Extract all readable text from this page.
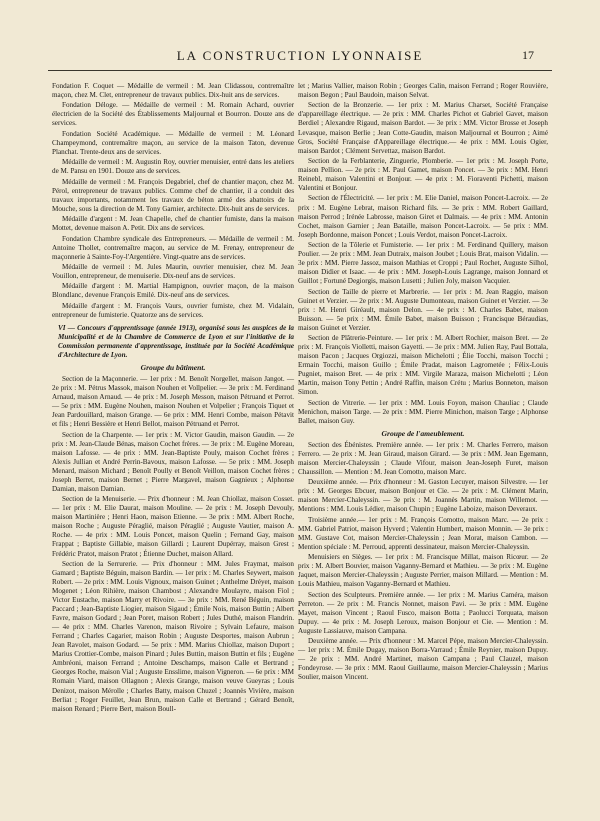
LA CONSTRUCTION LYONNAISE	17

Fondation F. Coquet — Médaille de vermeil : M. Jean Clidassou, contremaître maçon, chez M. Clet, entrepreneur de travaux publics. Dix-huit ans de services.

Fondation Déloge. — Médaille de vermeil : M. Romain Achard, ouvrier électricien de la Société des Établissements Maljournal et Bourron. Douze ans de services.

Fondation Société Académique. — Médaille de vermeil : M. Léonard Champeymond, contremaître maçon, au service de la maison Taton, devenue Planchat. Trente-deux ans de services.

Médaille de vermeil : M. Augustin Roy, ouvrier menuisier, entré dans les ateliers de M. Pansu en 1901. Douze ans de services.

Médaille de vermeil : M. François Degabriel, chef de chantier maçon, chez M. Pérol, entrepreneur de travaux publics. Comme chef de chantier, il a conduit des travaux importants, notamment les travaux de béton armé des abattoirs de la Mouche, sous la direction de M. Tony Garnier, architecte. Dix-huit ans de services.

Médaille d'argent : M. Jean Chapelle, chef de chantier fumiste, dans la maison Mottet, devenue maison A. Petit. Dix ans de services.

Fondation Chambre syndicale des Entrepreneurs. — Médaille de vermeil : M. Antoine Thollet, contremaître maçon, au service de M. Frenay, entrepreneur de maçonnerie à Sainte-Foy-l'Argentière. Vingt-quatre ans de services.

Médaille de vermeil : M. Jules Maurin, ouvrier menuisier, chez M. Jean Vouillon, entrepreneur, de menuiserie. Dix-neuf ans de services.

Médaille d'argent : M. Martial Hampignon, ouvrier maçon, de la maison Blondlanc, devenue François Emilé. Dix-neuf ans de services.

Médaille d'argent : M. François Vaurs, ouvrier fumiste, chez M. Vidalain, entrepreneur de fumisterie. Quatorze ans de services.

VI — Concours d'apprentissage (année 1913), organisé sous les auspices de la Municipalité et de la Chambre de Commerce de Lyon et sur l'initiative de la Commission permanente d'apprentissage, instituée par la Société Académique d'Architecture de Lyon.

Groupe du bâtiment.

Section de la Maçonnerie. — 1er prix : M. Benoît Norgellet, maison Jangot. — 2e prix : M. Pétrus Massok, maison Nouhen et Vollpelier. — 3e prix : M. Ferdinand Arnaud, maison Arnaud. — 4e prix : M. Joseph Messon, maison Pétruand et Perrot. — 5e prix : MM. Eugène Nouhen, maison Nouhen et Volpelier ; François Tiquet et Jean Pardouillard, maison Grange. — 6e prix : MM. Henri Combe, maison Pétavit et fils ; Henri Bessière et Henri Bellot, maison Pétruand et Perrot.

Section de la Charpente. — 1er prix : M. Victor Gaudin, maison Gaudin. — 2e prix : M. Jean-Claude Bénas, maison Cochet frères. — 3e prix : M. Eugène Moreau, maison Lafosse. — 4e prix : MM. Jean-Baptiste Pouly, maison Cochet frères ; Alexis Jullian et André Perrin-Bavoux, maison Lafosse. — 5e prix : MM. Joseph Menard, maison Michard ; Benoît Poully et Benoît Veillon, maison Cochet frères ; Joseph Berret, maison Bernet ; Pierre Margavel, maison Gagnieux ; Alphonse Damian, maison Damian.

Section de la Menuiserie. — Prix d'honneur : M. Jean Chiollaz, maison Cosset. — 1er prix : M. Elie Daurat, maison Mouline. — 2e prix : M. Joseph Devouly, maison Martinière ; Henri Haon, maison Etienne. — 3e prix : MM. Albert Roche, maison Roche ; Auguste Péraglié, maison Péraglié ; Auguste Vautier, maison A. Roche. — 4e prix : MM. Louis Poncet, maison Quelin ; Fernand Gay, maison Frappat ; Baptiste Gillabie, maison Gillardi ; Laurent Dupérray, maison Grest ; Frédéric Pratot, maison Pratot ; Étienne Duchet, maison Allard.

Section de la Serrurerie. — Prix d'honneur : MM. Jules Fraymat, maison Gamard ; Baptiste Béguin, maison Bardin. — 1er prix : M. Charles Seywert, maison Robert. — 2e prix : MM. Louis Vignoux, maison Guinet ; Anthelme Dréyet, maison Mogenet ; Léon Rihière, maison Chambost ; Alexandre Moulayre, maison Fiol ; Victor Eustache, maison Marry et Rivoire. — 3e prix : MM. René Béguin, maison Paccard ; Jean-Baptiste Liogier, maison Sigaud ; Émile Nois, maison Buttin ; Albert Favre, maison Godard ; Jean Poret, maison Robert ; Jules Duthé, maison Flandrin. — 4e prix : MM. Charles Varenon, maison Rivoire ; Sylvain Lefaure, maison Ferrand ; Charles Cagarier, maison Robin ; Auguste Desportes, maison Aubrun ; Jean Ravolet, maison Godard. — 5e prix : MM. Marius Chiollaz, maison Duport ; Marius Crottier-Combe, maison Pinard ; Jules Buttin, maison Buttin et fils ; Eugène Ambréoni, maison Ferrand ; Antoine Deschamps, maison Calle et Bertrand ; Georges Roche, maison Vial ; Auguste Ensslime, maison Vigneron. — 6e prix : MM Romain Viard, maison Ollagnon ; Alexis Grange, maison veuve Gueyras ; Louis Denizot, maison Mérolle ; Charles Batty, maison Chuzel ; Joannès Vivière, maison Berliat ; Roger Feuillet, Jean Brun, maison Calle et Bertrand ; Gérard Benoît, maison Renard ; Pierre Bert, maison Boull-

let ; Marius Vallier, maison Robin ; Georges Calin, maison Ferrand ; Roger Rouvière, maison Begon ; Paul Baudoin, maison Selvat.

Section de la Bronzerie. — 1er prix : M. Marius Charset, Société Française d'appareillage électrique. — 2e prix : MM. Charles Pichot et Gabriel Gavet, maison Berdiel ; Alexandre Rigaud, maison Bardot. — 3e prix : MM. Victor Brosse et Joseph Levasque, maison Berlie ; Jean Cotte-Gaudin, maison Maljournal et Bourron ; Aimé Gros, Société Française d'Appareillage électrique.— 4e prix : MM. Louis Ogier, maison Bardot ; Clément Servettaz, maison Bardot.

Section de la Ferblanterie, Zinguerie, Plomberie. — 1er prix : M. Joseph Porte, maison Pellion. — 2e prix : M. Paul Gamet, maison Poncet. — 3e prix : MM. Henri Reinebl, maison Valentini et Bonjour. — 4e prix : M. Fioraventi Pichetti, maison Valentini et Bonjour.

Section de l'Électricité. — 1er prix : M. Elie Daniel, maison Poncet-Lacroix. — 2e prix : M. Eugène Lebrat, maison Richard fils. — 3e prix : MM. Robert Gaillard, maison Perrod ; Irénée Labrosse, maison Giret et Dalmais. — 4e prix : MM. Antonin Cochet, maison Garnier ; Jean Bataille, maison Poncet-Lacroix. — 5e prix : MM. Joseph Bordonne, maison Poncet ; Louis Verdot, maison Poncet-Lacroix.

Section de la Tôlerie et Fumisterie. — 1er prix : M. Ferdinand Quillery, maison Poulier. — 2e prix : MM. Jean Dutraix, maison Joubet ; Louis Brat, maison Vidalin. — 3e prix : MM. Pierre Jassoz, maison Mathias et Croppi ; Paul Rochet, Auguste Silhol, maison Didier et Isaac. — 4e prix : MM. Joseph-Louis Lagrange, maison Jonnard et Guillot ; Fortuné Degiorgis, maison Lusetti ; Julien Joly, maison Vacquier.

Section de Taille de pierre et Marbrerie. — 1er prix : M. Jean Raggio, maison Guinet et Verzier. — 2e prix : M. Auguste Dumonteau, maison Guinet et Verzier. — 3e prix : M. Henri Giréault, maison Delon. — 4e prix : M. Charles Babet, maison Buisson. — 5e prix : MM. Émile Babet, maison Buisson ; Francisque Béraudias, maison Guinet et Verzier.

Section de Plâtrerie-Peinture. — 1er prix : M. Albert Rochier, maison Bret. — 2e prix : M. François Violletti, maison Gayetti. — 3e prix : MM. Julien Ray, Paul Bottala, maison Pacon ; Jacques Orgiozzi, maison Michelotti ; Élie Tocchi, maison Tocchi ; Ermain Tocchi, maison Guillo ; Émile Pradat, maison Lagrometée ; Félix-Louis Pugniet, maison Bret. — 4e prix : MM. Virgile Maraza, maison Michelotti ; Léon Martin, maison Tony Pettin ; André Raffin, maison Crétu ; Marius Bonneton, maison Simon.

Section de Vitrerie. — 1er prix : MM. Louis Foyon, maison Chauliac ; Claude Menichon, maison Targe. — 2e prix : MM. Pierre Minichon, maison Targe ; Alphonse Ballet, maison Guy.

Groupe de l'ameublement.

Section des Ébénistes. Première année. — 1er prix : M. Charles Ferrero, maison Ferrero. — 2e prix : M. Jean Giraud, maison Girard. — 3e prix : MM. Jean Egemann, maison Mercier-Chaleyssin ; Claude Vifour, maison Jean-Joseph Furet, maison Chaussillon. — Mention : M. Jean Comotto, maison Marc.

Deuxième année. — Prix d'honneur : M. Gaston Lecuyer, maison Silvestre. — 1er prix : M. Georges Ebcuer, maison Bonjour et Cie. — 2e prix : M. Clément Marin, maison Mercier-Chaleyssin. — 3e prix : M. Joannès Martin, maison Willemot. — Mentions : MM. Louis Lédier, maison Chupin ; Eugène Laboize, maison Deveraux.

Troisième année.— 1er prix : M. François Comotto, maison Marc. — 2e prix : MM. Gabriel Patriot, maison Hyverd ; Valentin Humbert, maison Monnin. — 3e prix : MM. Gustave Cot, maison Mercier-Chaleyssin ; Jean Morat, maison Cambon. — Mention spéciale : M. Perroud, apprenti dessinateur, maison Mercier-Chaleyssin.

Menuisiers en Sièges. — 1er prix : M. Francisque Millat, maison Ricœur. — 2e prix : M. Albert Bouvier, maison Vaganny-Bernard et Mathieu. — 3e prix : M. Eugène Jaquet, maison Mercier-Chaleyssin ; Auguste Perrier, maison Millard. — Mention : M. Louis Mathieu, maison Vaganny-Bernard et Mathieu.

Section des Sculpteurs. Première année. — 1er prix : M. Marius Caméra, maison Perreton. — 2e prix : M. Francis Nonnet, maison Pavi. — 3e prix : MM. Eugène Mayet, maison Vincent ; Raoul Fusco, maison Botta ; Paolucci Torquata, maison Dupuy. — 4e prix : M. Joseph Leroux, maison Bonjour et Cie. — Mention : M. Auguste Lassiauve, maison Campana.

Deuxième année. — Prix d'honneur : M. Marcel Pépe, maison Mercier-Chaleyssin. — 1er prix : M. Émile Dugay, maison Borra-Varraud ; Émile Reynier, maison Dupuy. — 2e prix : MM. André Martinet, maison Campana ; Paul Clauzel, maison Fondeyrose. — 3e prix : MM. Raoul Guillaume, maison Mercier-Chaleyssin ; Marius Soulier, maison Vincent.
